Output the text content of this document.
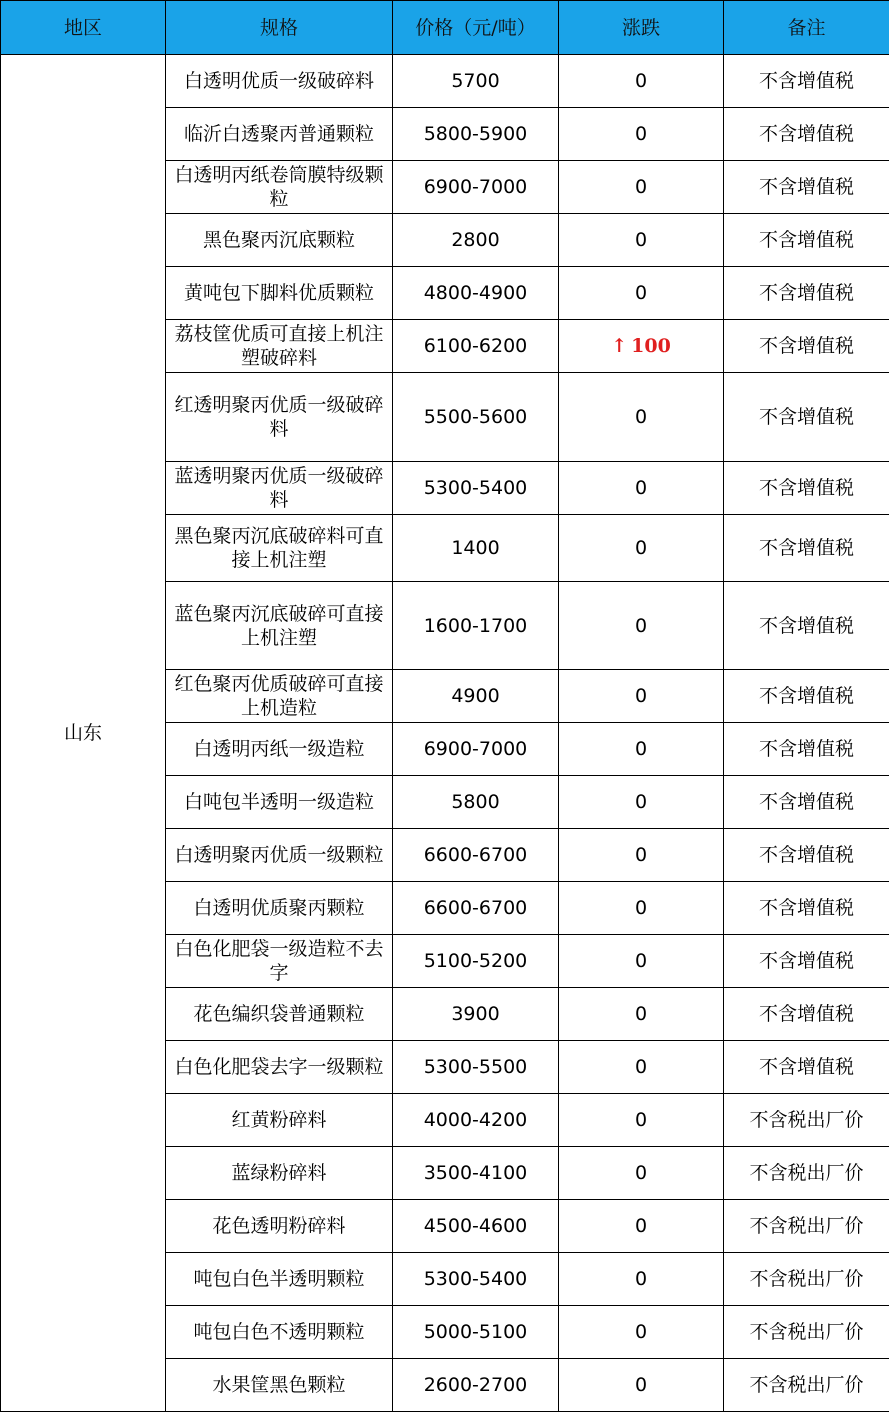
地区	规格	价格（元/吨）	涨跌	备注
山东	白透明优质一级破碎料	5700	0	不含增值税
	临沂白透聚丙普通颗粒	5800-5900	0	不含增值税
	白透明丙纸卷筒膜特级颗粒	6900-7000	0	不含增值税
	黑色聚丙沉底颗粒	2800	0	不含增值税
	黄吨包下脚料优质颗粒	4800-4900	0	不含增值税
	荔枝筐优质可直接上机注塑破碎料	6100-6200	↑ 100	不含增值税
	红透明聚丙优质一级破碎料	5500-5600	0	不含增值税
	蓝透明聚丙优质一级破碎料	5300-5400	0	不含增值税
	黑色聚丙沉底破碎料可直接上机注塑	1400	0	不含增值税
	蓝色聚丙沉底破碎可直接上机注塑	1600-1700	0	不含增值税
	红色聚丙优质破碎可直接上机造粒	4900	0	不含增值税
	白透明丙纸一级造粒	6900-7000	0	不含增值税
	白吨包半透明一级造粒	5800	0	不含增值税
	白透明聚丙优质一级颗粒	6600-6700	0	不含增值税
	白透明优质聚丙颗粒	6600-6700	0	不含增值税
	白色化肥袋一级造粒不去字	5100-5200	0	不含增值税
	花色编织袋普通颗粒	3900	0	不含增值税
	白色化肥袋去字一级颗粒	5300-5500	0	不含增值税
	红黄粉碎料	4000-4200	0	不含税出厂价
	蓝绿粉碎料	3500-4100	0	不含税出厂价
	花色透明粉碎料	4500-4600	0	不含税出厂价
	吨包白色半透明颗粒	5300-5400	0	不含税出厂价
	吨包白色不透明颗粒	5000-5100	0	不含税出厂价
	水果筐黑色颗粒	2600-2700	0	不含税出厂价
